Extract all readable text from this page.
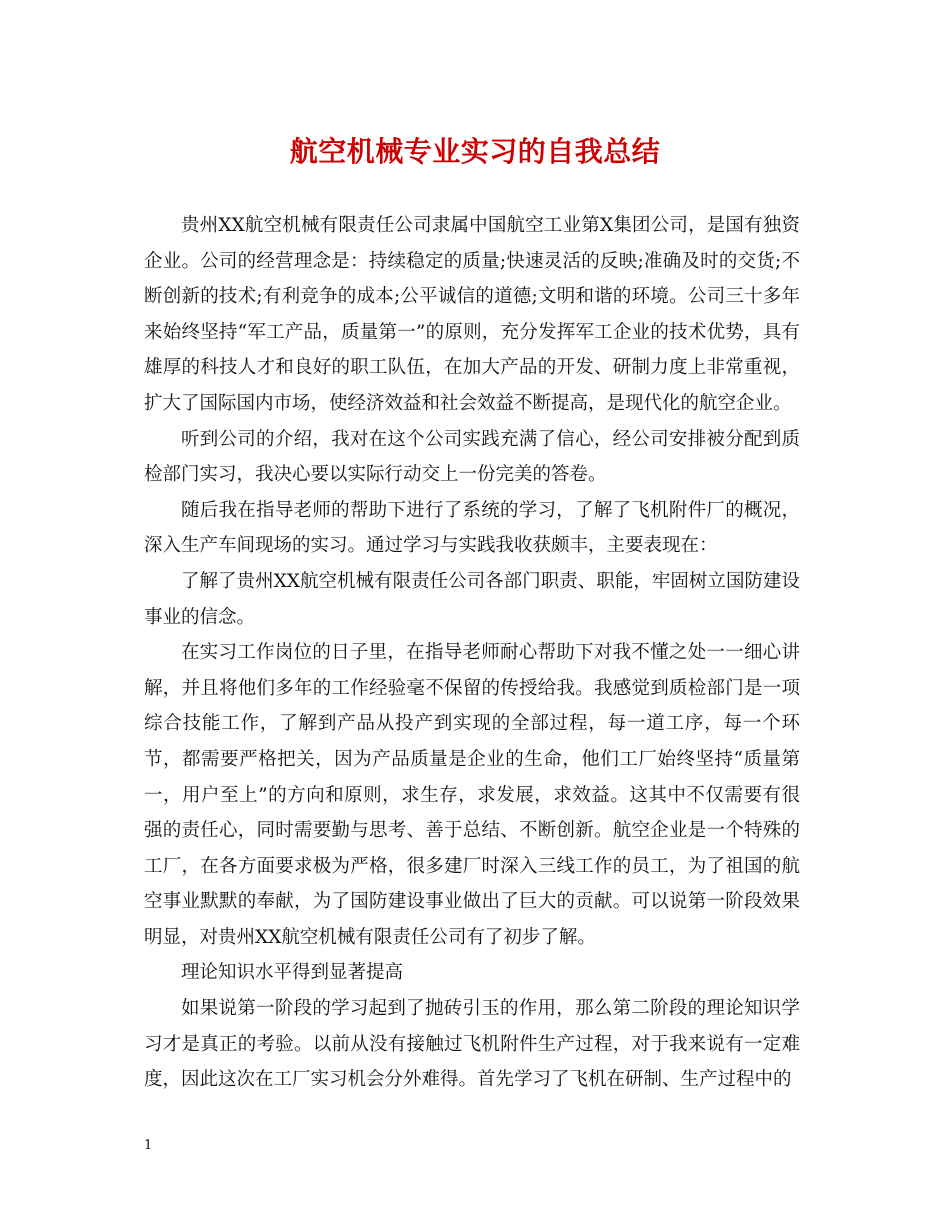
航空机械专业实习的自我总结

贵州XX航空机械有限责任公司隶属中国航空工业第X集团公司，是国有独资企业。公司的经营理念是：持续稳定的质量;快速灵活的反映;准确及时的交货;不断创新的技术;有利竞争的成本;公平诚信的道德;文明和谐的环境。公司三十多年来始终坚持“军工产品，质量第一”的原则，充分发挥军工企业的技术优势，具有雄厚的科技人才和良好的职工队伍，在加大产品的开发、研制力度上非常重视，扩大了国际国内市场，使经济效益和社会效益不断提高，是现代化的航空企业。

听到公司的介绍，我对在这个公司实践充满了信心，经公司安排被分配到质检部门实习，我决心要以实际行动交上一份完美的答卷。

随后我在指导老师的帮助下进行了系统的学习，了解了飞机附件厂的概况，深入生产车间现场的实习。通过学习与实践我收获颇丰，主要表现在：

了解了贵州XX航空机械有限责任公司各部门职责、职能，牢固树立国防建设事业的信念。

在实习工作岗位的日子里，在指导老师耐心帮助下对我不懂之处一一细心讲解，并且将他们多年的工作经验毫不保留的传授给我。我感觉到质检部门是一项综合技能工作，了解到产品从投产到实现的全部过程，每一道工序，每一个环节，都需要严格把关，因为产品质量是企业的生命，他们工厂始终坚持“质量第一，用户至上”的方向和原则，求生存，求发展，求效益。这其中不仅需要有很强的责任心，同时需要勤与思考、善于总结、不断创新。航空企业是一个特殊的工厂，在各方面要求极为严格，很多建厂时深入三线工作的员工，为了祖国的航空事业默默的奉献，为了国防建设事业做出了巨大的贡献。可以说第一阶段效果明显，对贵州XX航空机械有限责任公司有了初步了解。

理论知识水平得到显著提高

如果说第一阶段的学习起到了抛砖引玉的作用，那么第二阶段的理论知识学习才是真正的考验。以前从没有接触过飞机附件生产过程，对于我来说有一定难度，因此这次在工厂实习机会分外难得。首先学习了飞机在研制、生产过程中的

1
